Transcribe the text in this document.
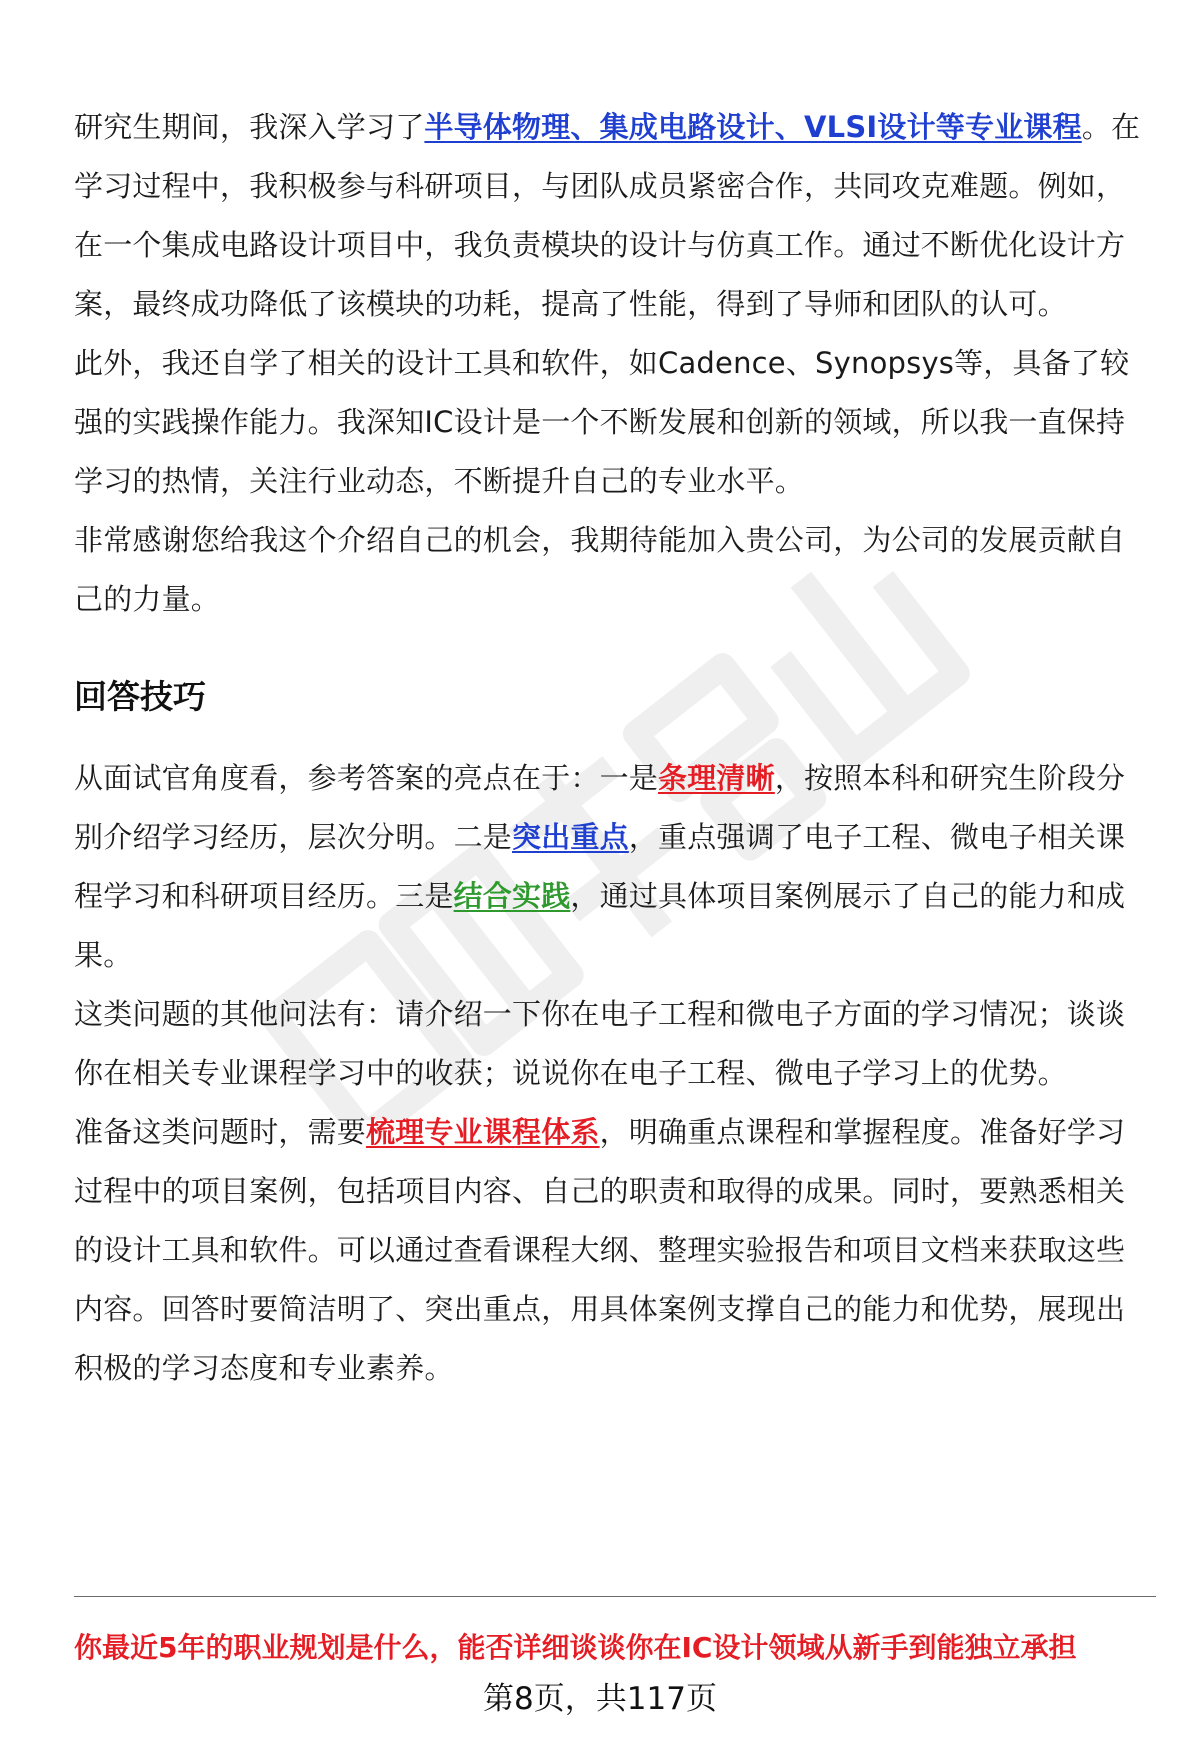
研究生期间，我深入学习了半导体物理、集成电路设计、VLSI设计等专业课程。在学习过程中，我积极参与科研项目，与团队成员紧密合作，共同攻克难题。例如，在一个集成电路设计项目中，我负责模块的设计与仿真工作。通过不断优化设计方案，最终成功降低了该模块的功耗，提高了性能，得到了导师和团队的认可。

此外，我还自学了相关的设计工具和软件，如Cadence、Synopsys等，具备了较强的实践操作能力。我深知IC设计是一个不断发展和创新的领域，所以我一直保持学习的热情，关注行业动态，不断提升自己的专业水平。

非常感谢您给我这个介绍自己的机会，我期待能加入贵公司，为公司的发展贡献自己的力量。

回答技巧

从面试官角度看，参考答案的亮点在于：一是条理清晰，按照本科和研究生阶段分别介绍学习经历，层次分明。二是突出重点，重点强调了电子工程、微电子相关课程学习和科研项目经历。三是结合实践，通过具体项目案例展示了自己的能力和成果。

这类问题的其他问法有：请介绍一下你在电子工程和微电子方面的学习情况；谈谈你在相关专业课程学习中的收获；说说你在电子工程、微电子学习上的优势。

准备这类问题时，需要梳理专业课程体系，明确重点课程和掌握程度。准备好学习过程中的项目案例，包括项目内容、自己的职责和取得的成果。同时，要熟悉相关的设计工具和软件。可以通过查看课程大纲、整理实验报告和项目文档来获取这些内容。回答时要简洁明了、突出重点，用具体案例支撑自己的能力和优势，展现出积极的学习态度和专业素养。

你最近5年的职业规划是什么，能否详细谈谈你在IC设计领域从新手到能独立承担
第8页，共117页
